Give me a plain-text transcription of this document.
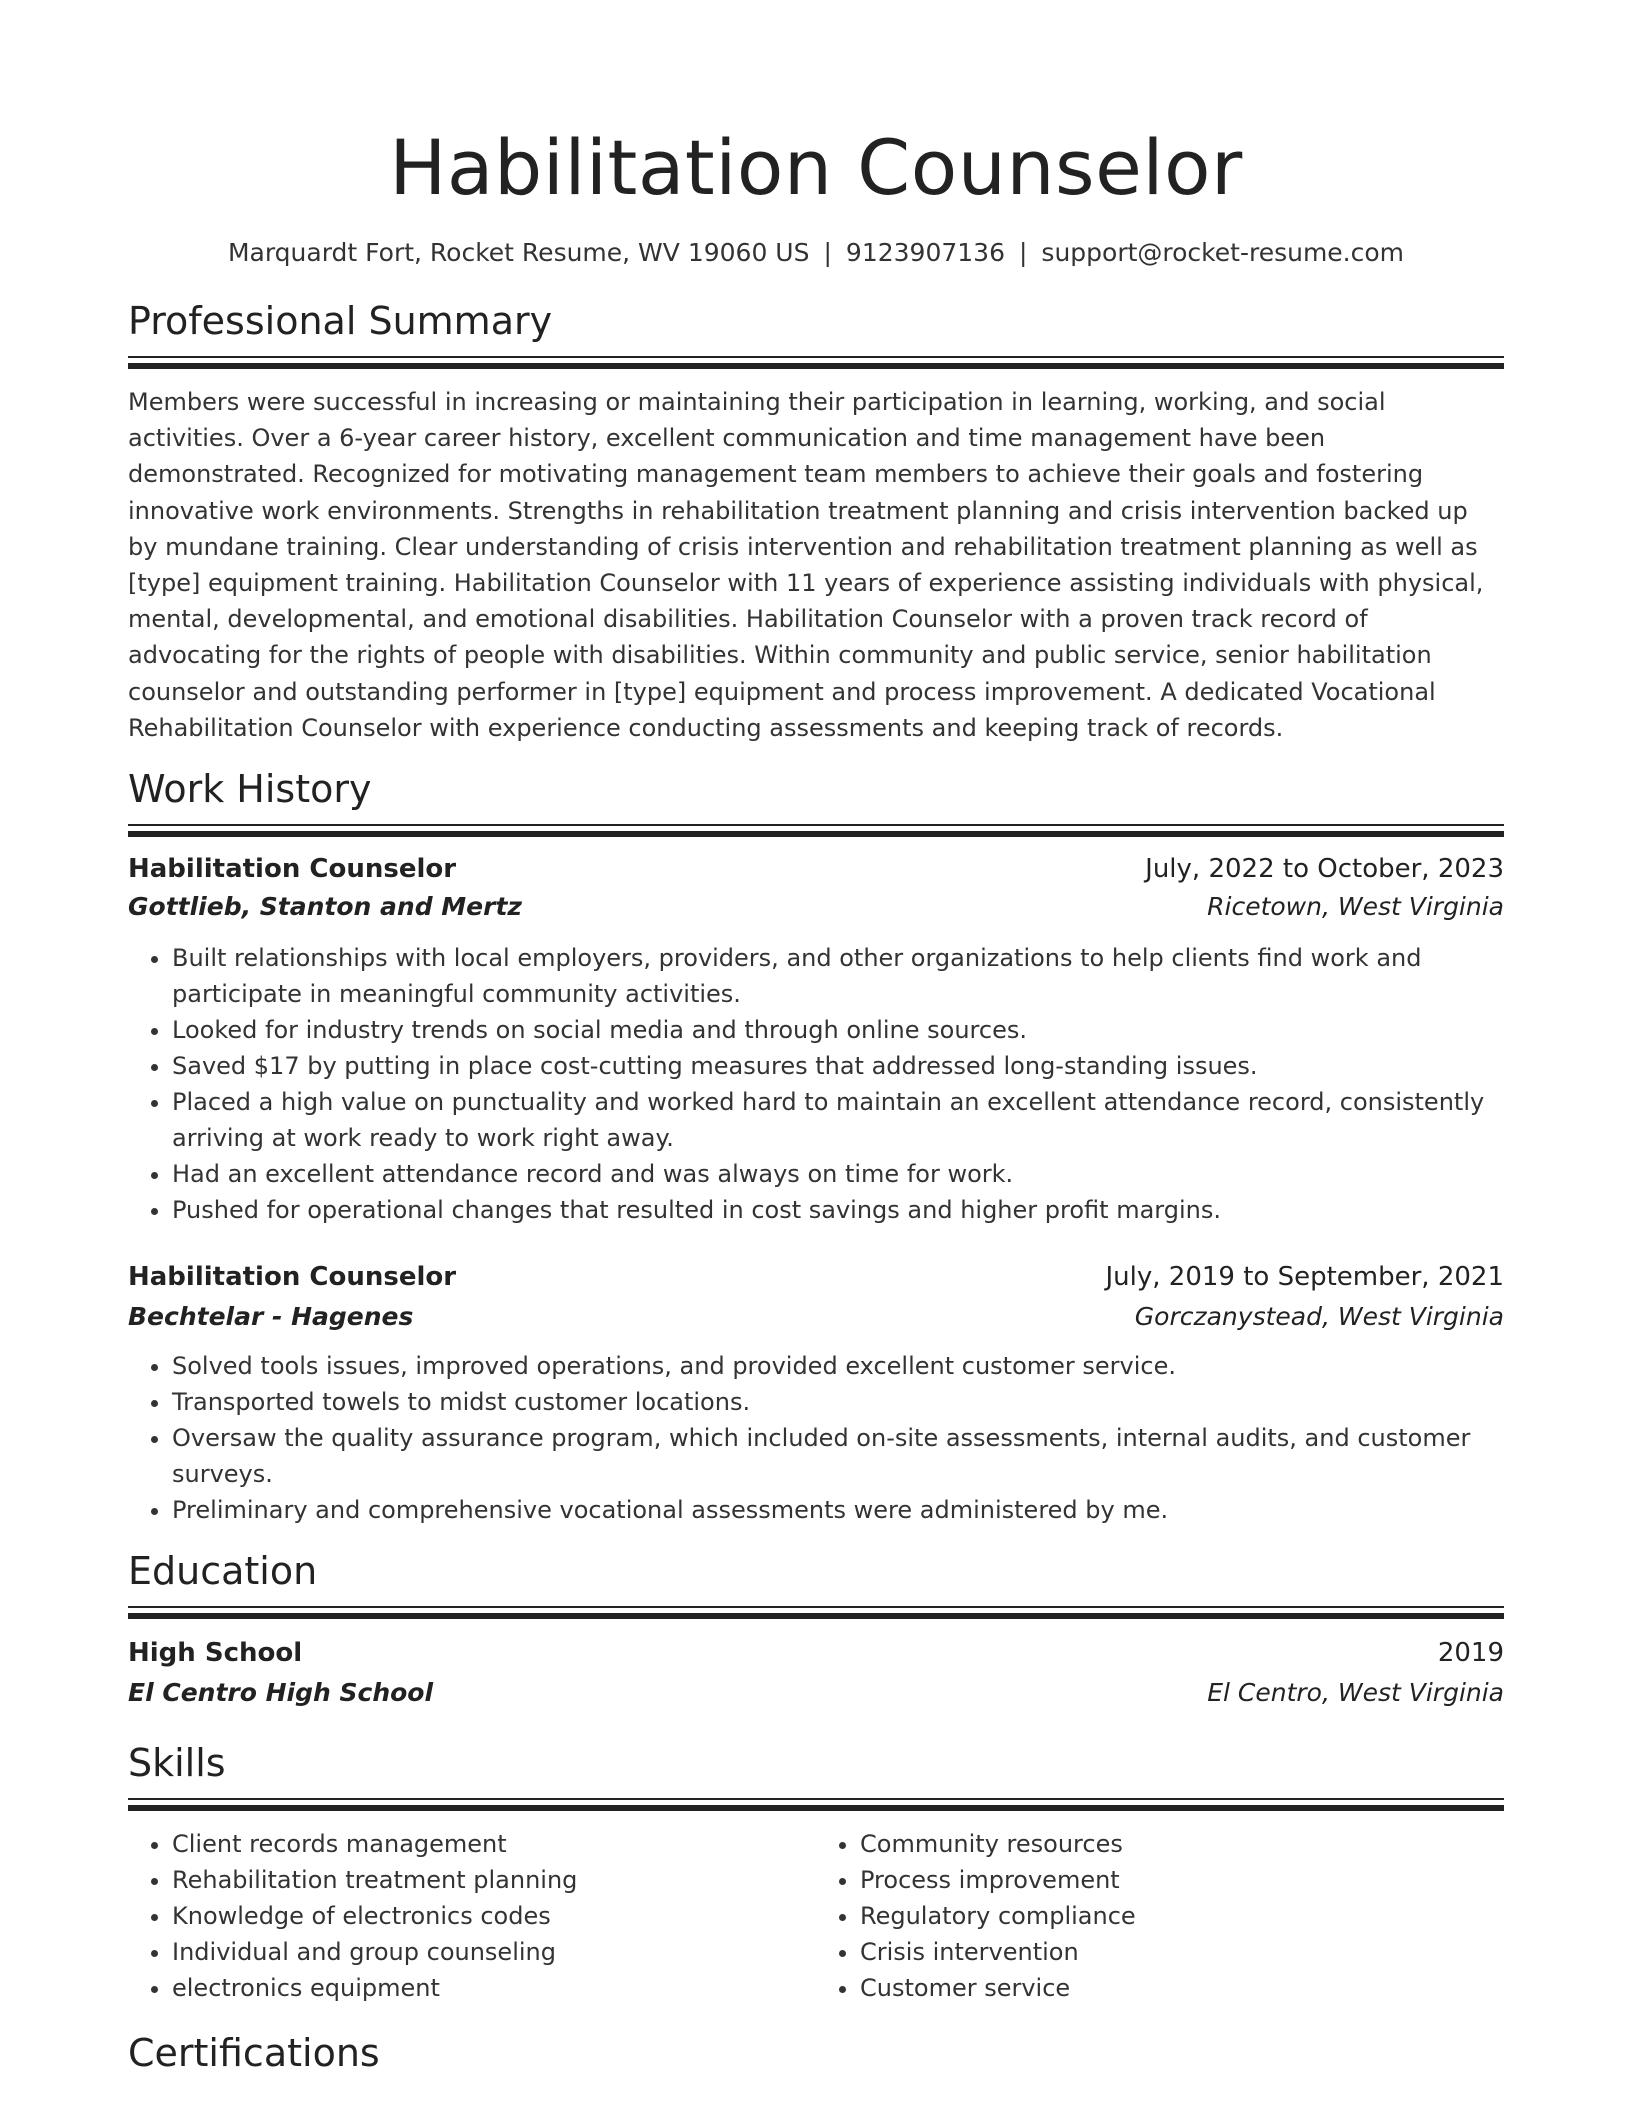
Habilitation Counselor
Marquardt Fort, Rocket Resume, WV 19060 US | 9123907136 | support@rocket-resume.com
Professional Summary
Members were successful in increasing or maintaining their participation in learning, working, and social activities. Over a 6-year career history, excellent communication and time management have been demonstrated. Recognized for motivating management team members to achieve their goals and fostering innovative work environments. Strengths in rehabilitation treatment planning and crisis intervention backed up by mundane training. Clear understanding of crisis intervention and rehabilitation treatment planning as well as [type] equipment training. Habilitation Counselor with 11 years of experience assisting individuals with physical, mental, developmental, and emotional disabilities. Habilitation Counselor with a proven track record of advocating for the rights of people with disabilities. Within community and public service, senior habilitation counselor and outstanding performer in [type] equipment and process improvement. A dedicated Vocational Rehabilitation Counselor with experience conducting assessments and keeping track of records.
Work History
Habilitation Counselor	July, 2022 to October, 2023
Gottlieb, Stanton and Mertz	Ricetown, West Virginia
• Built relationships with local employers, providers, and other organizations to help clients find work and participate in meaningful community activities.
• Looked for industry trends on social media and through online sources.
• Saved $17 by putting in place cost-cutting measures that addressed long-standing issues.
• Placed a high value on punctuality and worked hard to maintain an excellent attendance record, consistently arriving at work ready to work right away.
• Had an excellent attendance record and was always on time for work.
• Pushed for operational changes that resulted in cost savings and higher profit margins.
Habilitation Counselor	July, 2019 to September, 2021
Bechtelar - Hagenes	Gorczanystead, West Virginia
• Solved tools issues, improved operations, and provided excellent customer service.
• Transported towels to midst customer locations.
• Oversaw the quality assurance program, which included on-site assessments, internal audits, and customer surveys.
• Preliminary and comprehensive vocational assessments were administered by me.
Education
High School	2019
El Centro High School	El Centro, West Virginia
Skills
• Client records management
• Rehabilitation treatment planning
• Knowledge of electronics codes
• Individual and group counseling
• electronics equipment
• Community resources
• Process improvement
• Regulatory compliance
• Crisis intervention
• Customer service
Certifications
